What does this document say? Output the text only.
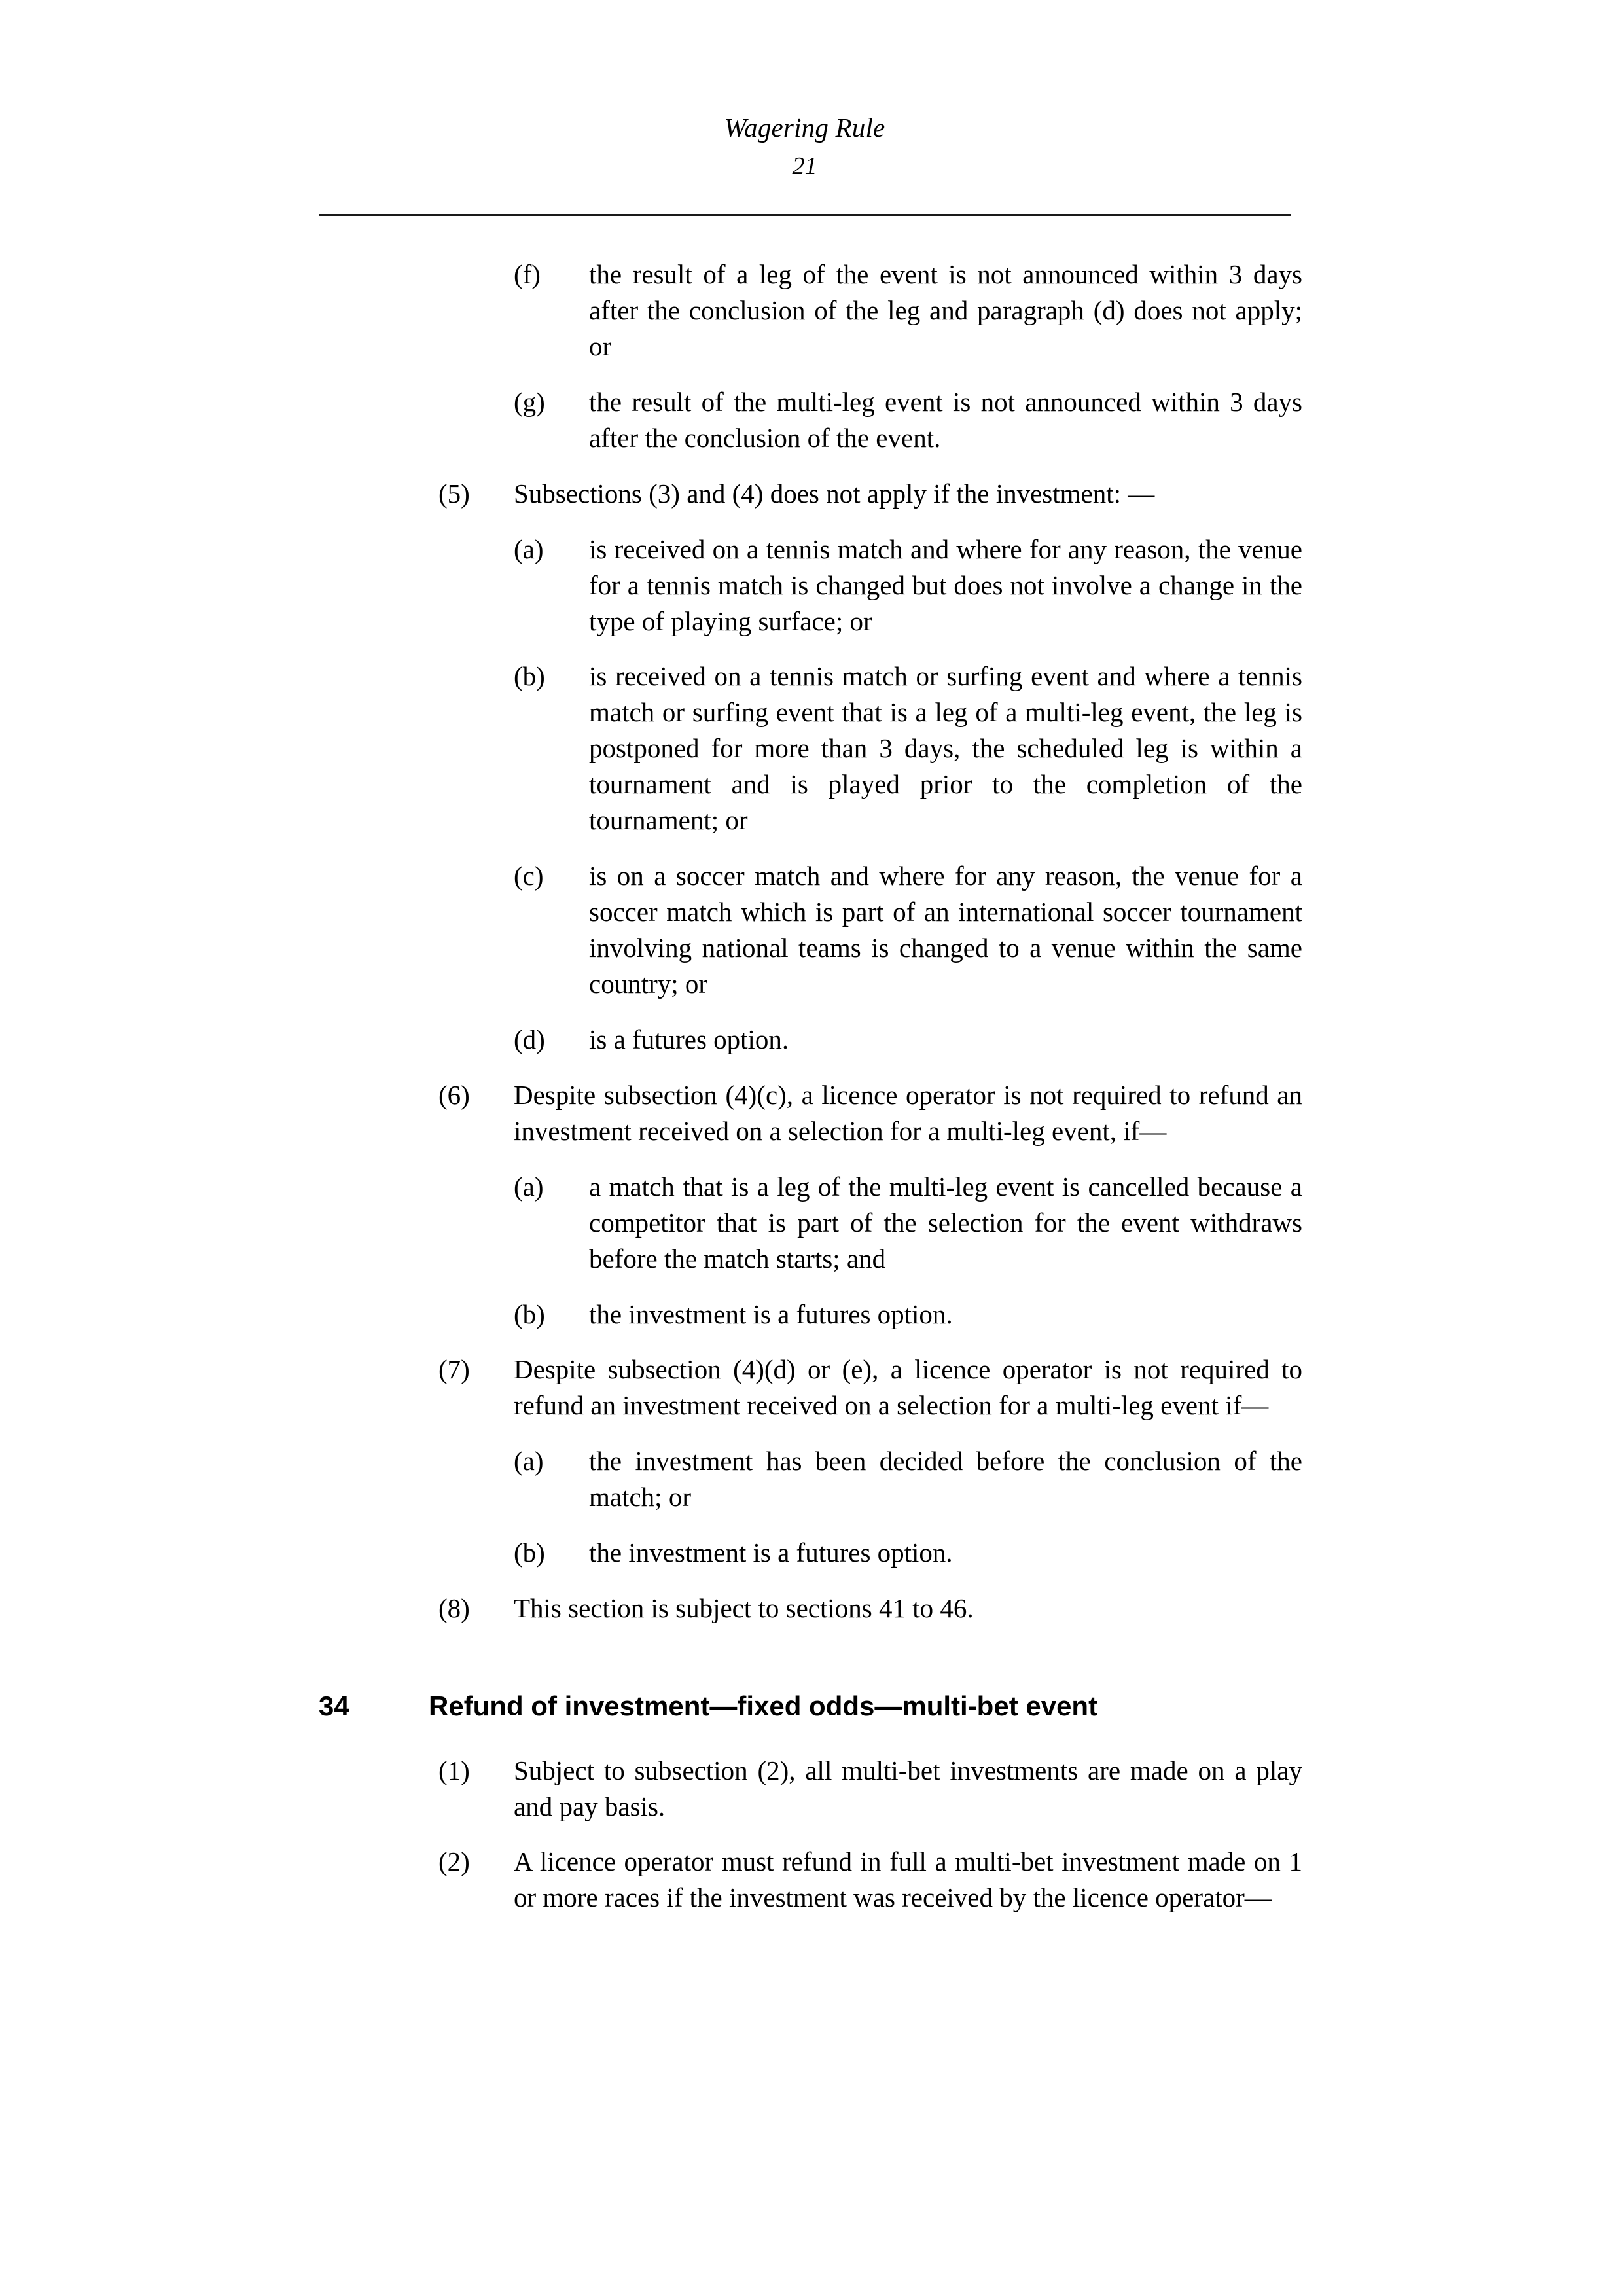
Wagering Rule
21
(f)	the result of a leg of the event is not announced within 3 days after the conclusion of the leg and paragraph (d) does not apply; or

(g)	the result of the multi-leg event is not announced within 3 days after the conclusion of the event.

(5)	Subsections (3) and (4) does not apply if the investment: —

(a)	is received on a tennis match and where for any reason, the venue for a tennis match is changed but does not involve a change in the type of playing surface; or

(b)	is received on a tennis match or surfing event and where a tennis match or surfing event that is a leg of a multi-leg event, the leg is postponed for more than 3 days, the scheduled leg is within a tournament and is played prior to the completion of the tournament; or

(c)	is on a soccer match and where for any reason, the venue for a soccer match which is part of an international soccer tournament involving national teams is changed to a venue within the same country; or

(d)	is a futures option.

(6)	Despite subsection (4)(c), a licence operator is not required to refund an investment received on a selection for a multi-leg event, if—

(a)	a match that is a leg of the multi-leg event is cancelled because a competitor that is part of the selection for the event withdraws before the match starts; and

(b)	the investment is a futures option.

(7)	Despite subsection (4)(d) or (e), a licence operator is not required to refund an investment received on a selection for a multi-leg event if—

(a)	the investment has been decided before the conclusion of the match; or

(b)	the investment is a futures option.

(8)	This section is subject to sections 41 to 46.

34	Refund of investment—fixed odds—multi-bet event
(1)	Subject to subsection (2), all multi-bet investments are made on a play and pay basis.

(2)	A licence operator must refund in full a multi-bet investment made on 1 or more races if the investment was received by the licence operator—
